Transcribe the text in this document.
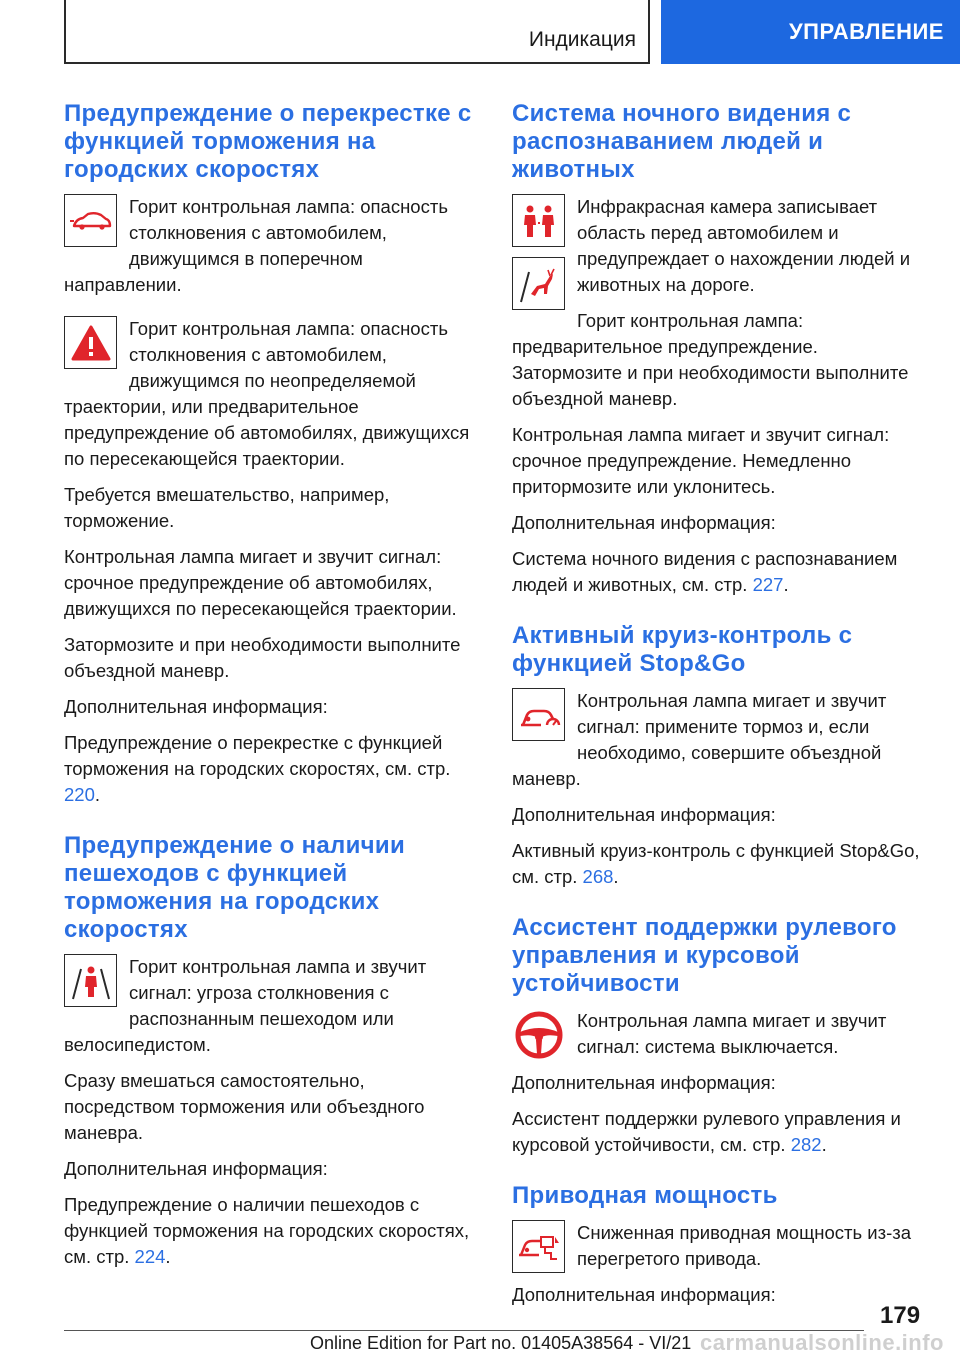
Индикация	УПРАВЛЕНИЕ
Предупреждение о перекрестке с функцией торможения на городских скоростях

Горит контрольная лампа: опасность столкновения с автомобилем, движущимся в поперечном направлении.

Горит контрольная лампа: опасность столкновения с автомобилем, движущимся по неопределяемой траектории, или предварительное предупреждение об автомобилях, движущихся по пересекающейся траектории.

Требуется вмешательство, например, торможение.

Контрольная лампа мигает и звучит сигнал: срочное предупреждение об автомобилях, движущихся по пересекающейся траектории.

Затормозите и при необходимости выполните объездной маневр.

Дополнительная информация:

Предупреждение о перекрестке с функцией торможения на городских скоростях, см. стр. 220.

Предупреждение о наличии пешеходов с функцией торможения на городских скоростях

Горит контрольная лампа и звучит сигнал: угроза столкновения с распознанным пешеходом или велосипедистом.

Сразу вмешаться самостоятельно, посредством торможения или объездного маневра.

Дополнительная информация:

Предупреждение о наличии пешеходов с функцией торможения на городских скоростях, см. стр. 224.

Система ночного видения с распознаванием людей и животных

Инфракрасная камера записывает область перед автомобилем и предупреждает о нахождении людей и животных на дороге.

Горит контрольная лампа: предварительное предупреждение. Затормозите и при необходимости выполните объездной маневр.

Контрольная лампа мигает и звучит сигнал: срочное предупреждение. Немедленно притормозите или уклонитесь.

Дополнительная информация:

Система ночного видения с распознаванием людей и животных, см. стр. 227.

Активный круиз-контроль с функцией Stop&Go

Контрольная лампа мигает и звучит сигнал: примените тормоз и, если необходимо, совершите объездной маневр.

Дополнительная информация:

Активный круиз-контроль с функцией Stop&Go, см. стр. 268.

Ассистент поддержки рулевого управления и курсовой устойчивости

Контрольная лампа мигает и звучит сигнал: система выключается.

Дополнительная информация:

Ассистент поддержки рулевого управления и курсовой устойчивости, см. стр. 282.

Приводная мощность

Сниженная приводная мощность из-за перегретого привода.

Дополнительная информация:

179
Online Edition for Part no. 01405A38564 - VI/21 carmanualsonline.info
